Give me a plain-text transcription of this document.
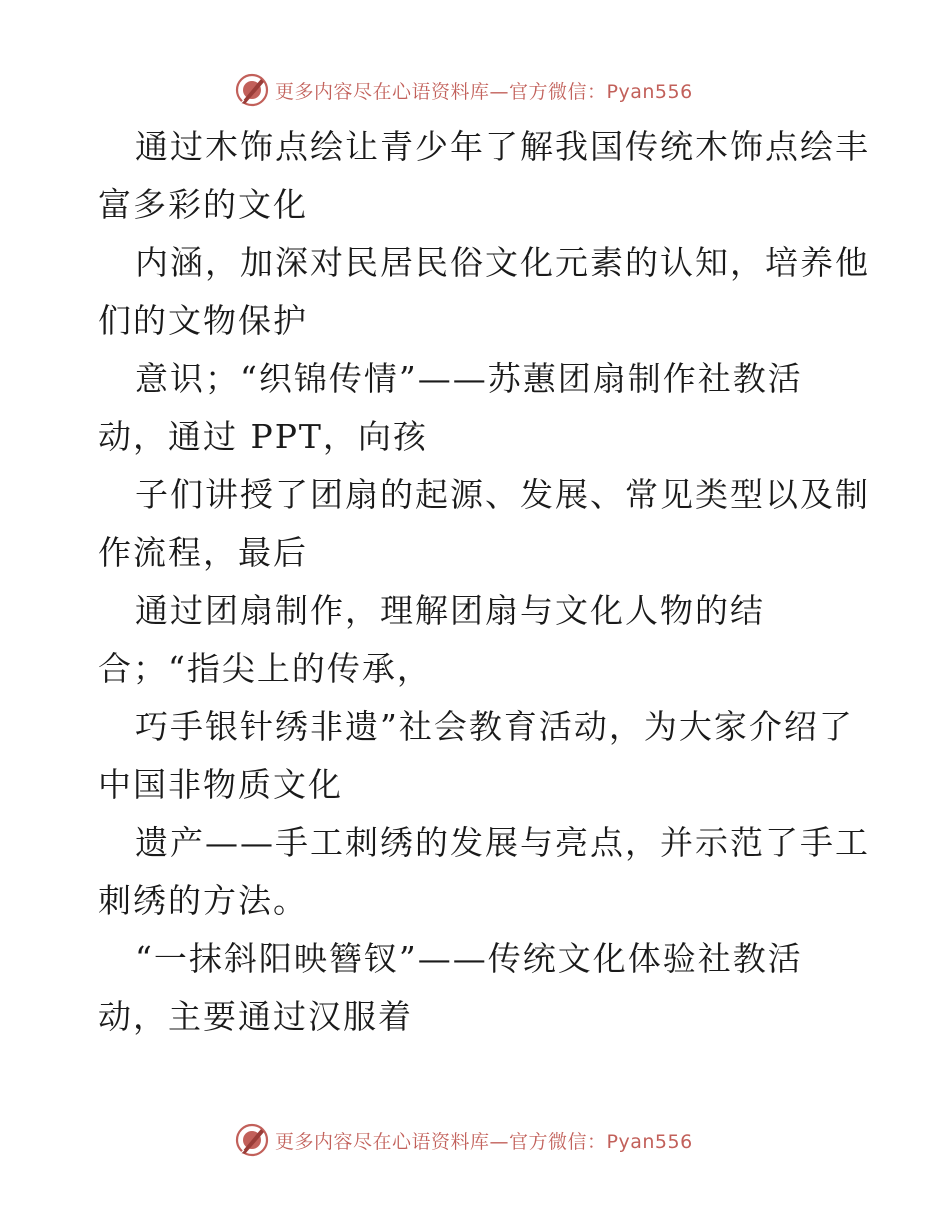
更多内容尽在心语资料库—官方微信：Pyan556

通过木饰点绘让青少年了解我国传统木饰点绘丰
富多彩的文化

内涵，加深对民居民俗文化元素的认知，培养他
们的文物保护

意识；“织锦传情”——苏蕙团扇制作社教活
动，通过 PPT，向孩

子们讲授了团扇的起源、发展、常见类型以及制
作流程，最后

通过团扇制作，理解团扇与文化人物的结
合；“指尖上的传承，

巧手银针绣非遗”社会教育活动，为大家介绍了
中国非物质文化

遗产——手工刺绣的发展与亮点，并示范了手工
刺绣的方法。

“一抹斜阳映簪钗”——传统文化体验社教活
动，主要通过汉服着

更多内容尽在心语资料库—官方微信：Pyan556
